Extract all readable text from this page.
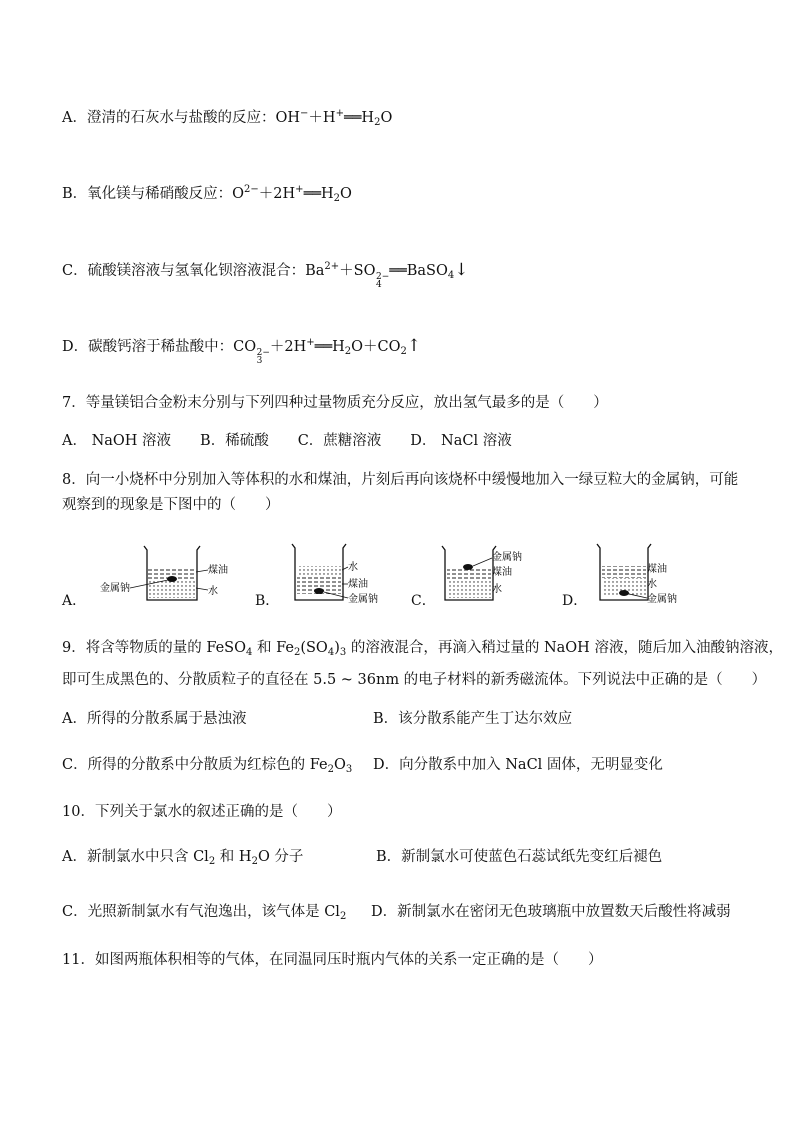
A．澄清的石灰水与盐酸的反应：$OH^-+H^+══H_2O$
B．氧化镁与稀硝酸反应：$O^{2-}+2H^+══H_2O$
C．硫酸镁溶液与氢氧化钡溶液混合：$Ba^{2+}+SO$ 2−
4
══BaSO$_4$↓
D．碳酸钙溶于稀盐酸中：CO 2−
3
$+2H^+══H_2O+CO_2↑$
7．等量镁铝合金粉末分别与下列四种过量物质充分反应，放出氢气最多的是（　　）
A． NaOH 溶液　　B．稀硫酸　　C．蔗糖溶液　　D． NaCl 溶液
8．向一小烧杯中分别加入等体积的水和煤油，片刻后再向该烧杯中缓慢地加入一绿豆粒大的金属钠，可能观察到的现象是下图中的（　　）
A．	B．	C．	D．
煤油
水
金属钠
水
煤油
金属钠
金属钠
煤油
水
煤油
水
金属钠
9．将含等物质的量的 FeSO$_4$ 和 $Fe_2(SO_4)_3$ 的溶液混合，再滴入稍过量的 NaOH 溶液，随后加入油酸钠溶液，
即可生成黑色的、分散质粒子的直径在 5.5 ~ 36nm 的电子材料的新秀磁流体。下列说法中正确的是（　　）
A．所得的分散系属于悬浊液	B．该分散系能产生丁达尔效应
C．所得的分散系中分散质为红棕色的 $Fe_2O_3$ D．向分散系中加入 NaCl 固体，无明显变化
10．下列关于氯水的叙述正确的是（　　）
A．新制氯水中只含 $Cl_2$ 和 $H_2O$ 分子	B．新制氯水可使蓝色石蕊试纸先变红后褪色
C．光照新制氯水有气泡逸出，该气体是 $Cl_2$ D．新制氯水在密闭无色玻璃瓶中放置数天后酸性将减弱
11．如图两瓶体积相等的气体，在同温同压时瓶内气体的关系一定正确的是（　　）
